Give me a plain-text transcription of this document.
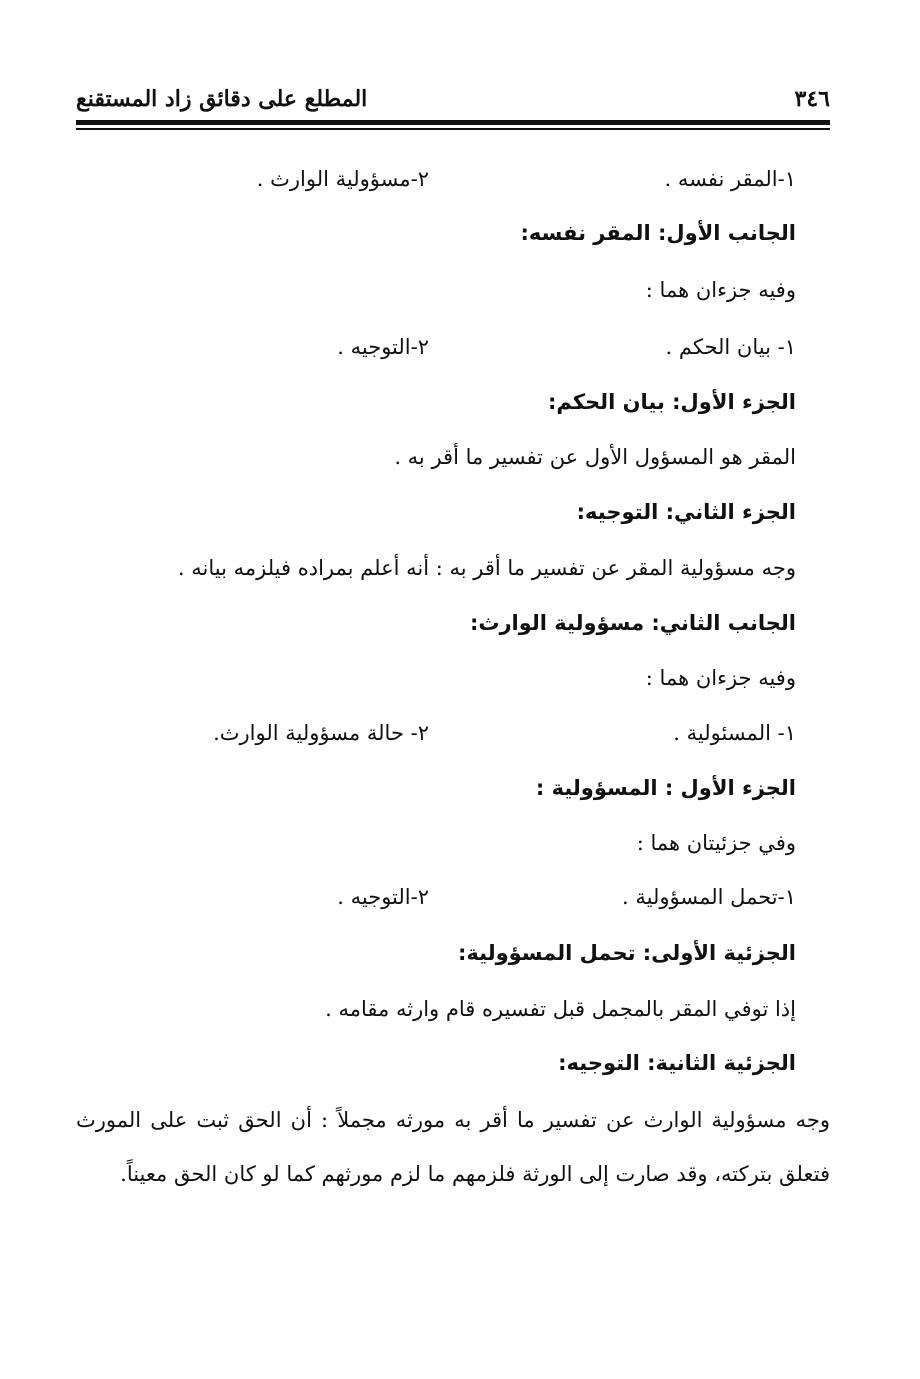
٣٤٦
المطلع على دقائق زاد المستقنع
١-المقر نفسه .
٢-مسؤولية الوارث .
الجانب الأول: المقر نفسه:
وفيه جزءان هما :
١- بيان الحكم .
٢-التوجيه .
الجزء الأول: بيان الحكم:
المقر هو المسؤول الأول عن تفسير ما أقر به .
الجزء الثاني: التوجيه:
وجه مسؤولية المقر عن تفسير ما أقر به : أنه أعلم بمراده فيلزمه بيانه .
الجانب الثاني: مسؤولية الوارث:
وفيه جزءان هما :
١- المسئولية .
٢- حالة مسؤولية الوارث.
الجزء الأول : المسؤولية :
وفي جزئيتان هما :
١-تحمل المسؤولية .
٢-التوجيه .
الجزئية الأولى: تحمل المسؤولية:
إذا توفي المقر بالمجمل قبل تفسيره قام وارثه مقامه .
الجزئية الثانية: التوجيه:
وجه مسؤولية الوارث عن تفسير ما أقر به مورثه مجملاً : أن الحق ثبت على المورث فتعلق بتركته، وقد صارت إلى الورثة فلزمهم ما لزم مورثهم كما لو كان الحق معيناً.
